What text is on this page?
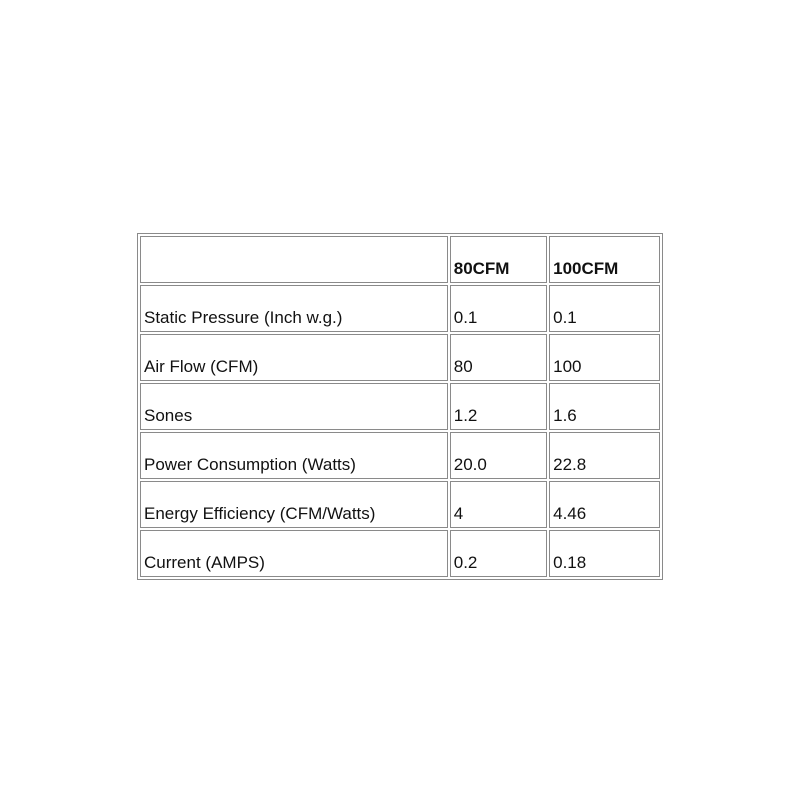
	80CFM	100CFM
Static Pressure (Inch w.g.)	0.1	0.1
Air Flow (CFM)	80	100
Sones	1.2	1.6
Power Consumption (Watts)	20.0	22.8
Energy Efficiency (CFM/Watts)	4	4.46
Current (AMPS)	0.2	0.18
